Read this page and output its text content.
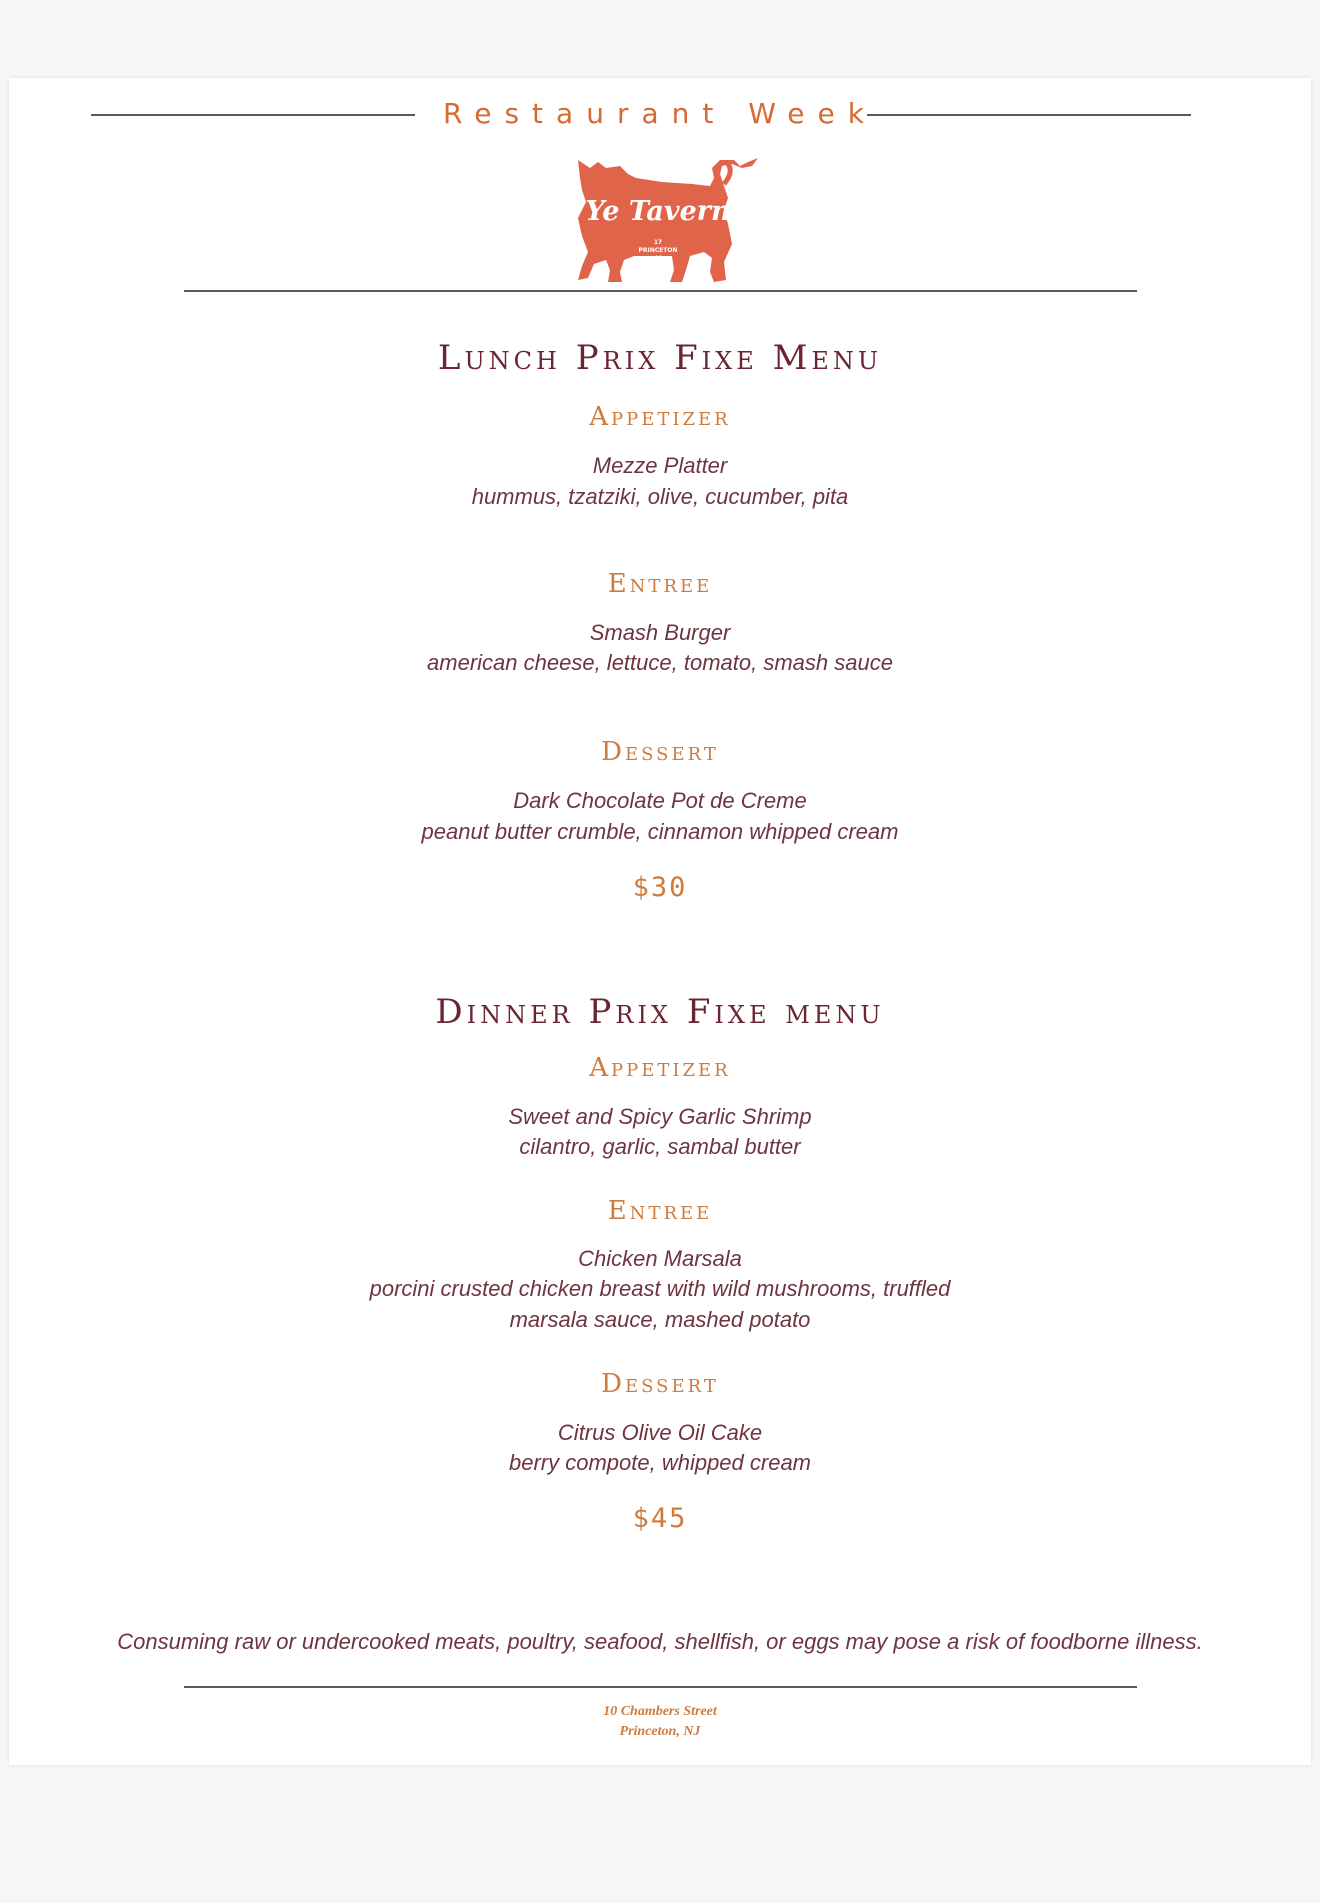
Restaurant Week
Ye Tavern
17
PRINCETON
46
Lunch Prix Fixe Menu
Appetizer
Mezze Platter
hummus, tzatziki, olive, cucumber, pita
Entree
Smash Burger
american cheese, lettuce, tomato, smash sauce
Dessert
Dark Chocolate Pot de Creme
peanut butter crumble, cinnamon whipped cream
$30
Dinner Prix Fixe menu
Appetizer
Sweet and Spicy Garlic Shrimp
cilantro, garlic, sambal butter
Entree
Chicken Marsala
porcini crusted chicken breast with wild mushrooms, truffled
marsala sauce, mashed potato
Dessert
Citrus Olive Oil Cake
berry compote, whipped cream
$45
Consuming raw or undercooked meats, poultry, seafood, shellfish, or eggs may pose a risk of foodborne illness.
10 Chambers Street
Princeton, NJ
